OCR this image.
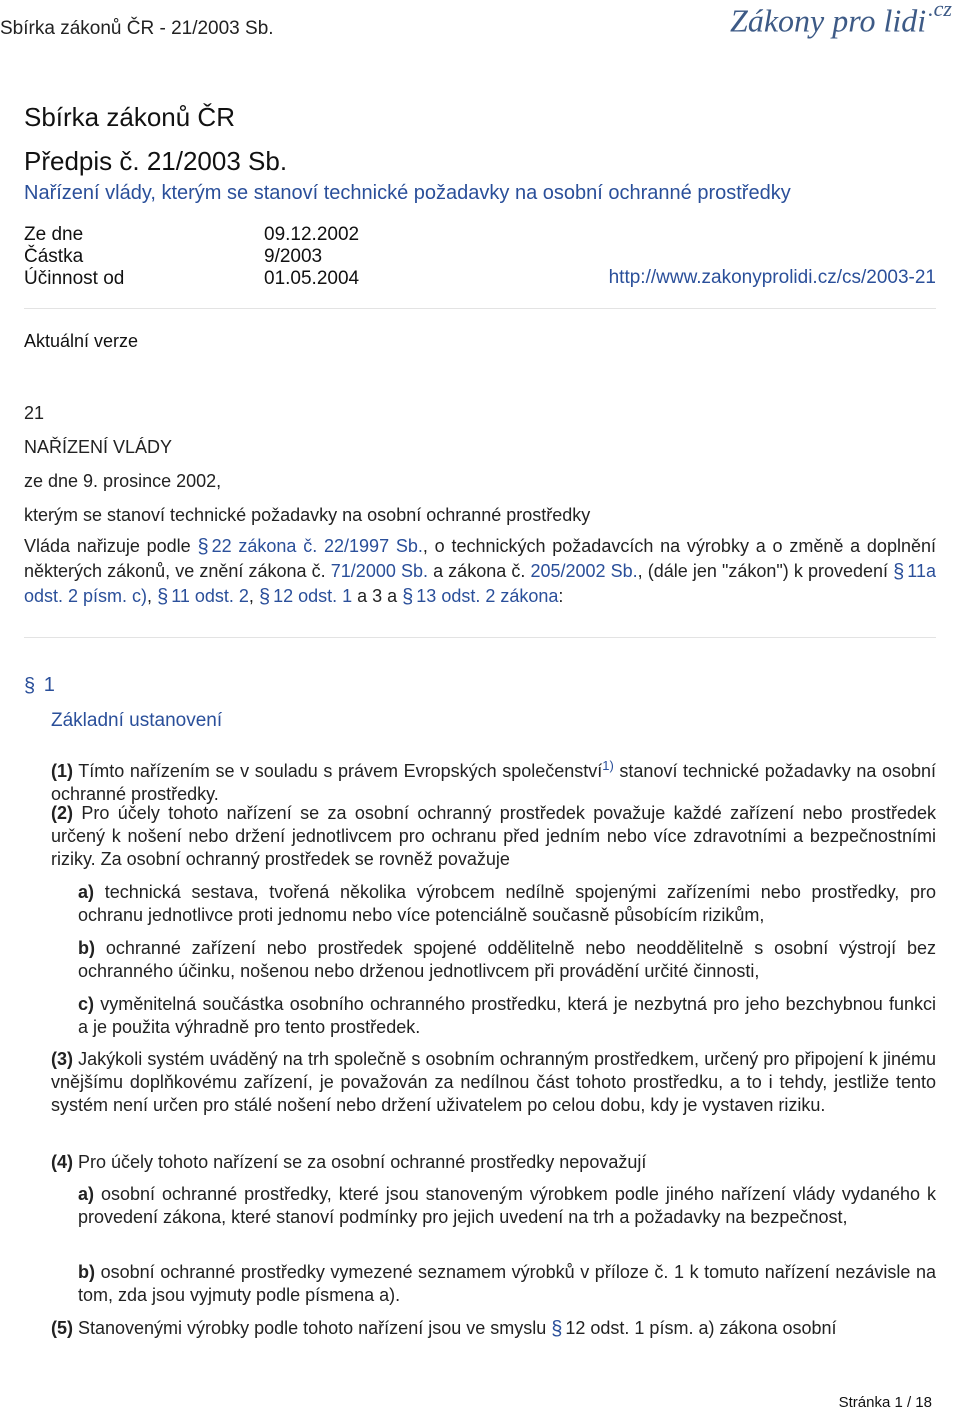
Sbírka zákonů ČR - 21/2003 Sb.	Zákony pro lidi$^{.cz}$
Sbírka zákonů ČR
Předpis č. 21/2003 Sb.
Nařízení vlády, kterým se stanoví technické požadavky na osobní ochranné prostředky
Ze dne	09.12.2002
Částka	9/2003
Účinnost od	01.05.2004	http://www.zakonyprolidi.cz/cs/2003-21
Aktuální verze
21
NAŘÍZENÍ VLÁDY
ze dne 9. prosince 2002,
kterým se stanoví technické požadavky na osobní ochranné prostředky
Vláda nařizuje podle § 22 zákona č. 22/1997 Sb., o technických požadavcích na výrobky a o změně a doplnění některých zákonů, ve znění zákona č. 71/2000 Sb. a zákona č. 205/2002 Sb., (dále jen "zákon") k provedení § 11a odst. 2 písm. c), § 11 odst. 2, § 12 odst. 1 a 3 a § 13 odst. 2 zákona:
§ 1
Základní ustanovení
(1) Tímto nařízením se v souladu s právem Evropských společenství$^{1)}$ stanoví technické požadavky na osobní ochranné prostředky.
(2) Pro účely tohoto nařízení se za osobní ochranný prostředek považuje každé zařízení nebo prostředek určený k nošení nebo držení jednotlivcem pro ochranu před jedním nebo více zdravotními a bezpečnostními riziky. Za osobní ochranný prostředek se rovněž považuje
a) technická sestava, tvořená několika výrobcem nedílně spojenými zařízeními nebo prostředky, pro ochranu jednotlivce proti jednomu nebo více potenciálně současně působícím rizikům,
b) ochranné zařízení nebo prostředek spojené oddělitelně nebo neoddělitelně s osobní výstrojí bez ochranného účinku, nošenou nebo drženou jednotlivcem při provádění určité činnosti,
c) vyměnitelná součástka osobního ochranného prostředku, která je nezbytná pro jeho bezchybnou funkci a je použita výhradně pro tento prostředek.
(3) Jakýkoli systém uváděný na trh společně s osobním ochranným prostředkem, určený pro připojení k jinému vnějšímu doplňkovému zařízení, je považován za nedílnou část tohoto prostředku, a to i tehdy, jestliže tento systém není určen pro stálé nošení nebo držení uživatelem po celou dobu, kdy je vystaven riziku.
(4) Pro účely tohoto nařízení se za osobní ochranné prostředky nepovažují
a) osobní ochranné prostředky, které jsou stanoveným výrobkem podle jiného nařízení vlády vydaného k provedení zákona, které stanoví podmínky pro jejich uvedení na trh a požadavky na bezpečnost,
b) osobní ochranné prostředky vymezené seznamem výrobků v příloze č. 1 k tomuto nařízení nezávisle na tom, zda jsou vyjmuty podle písmena a).
(5) Stanovenými výrobky podle tohoto nařízení jsou ve smyslu § 12 odst. 1 písm. a) zákona osobní
Stránka 1 / 18
